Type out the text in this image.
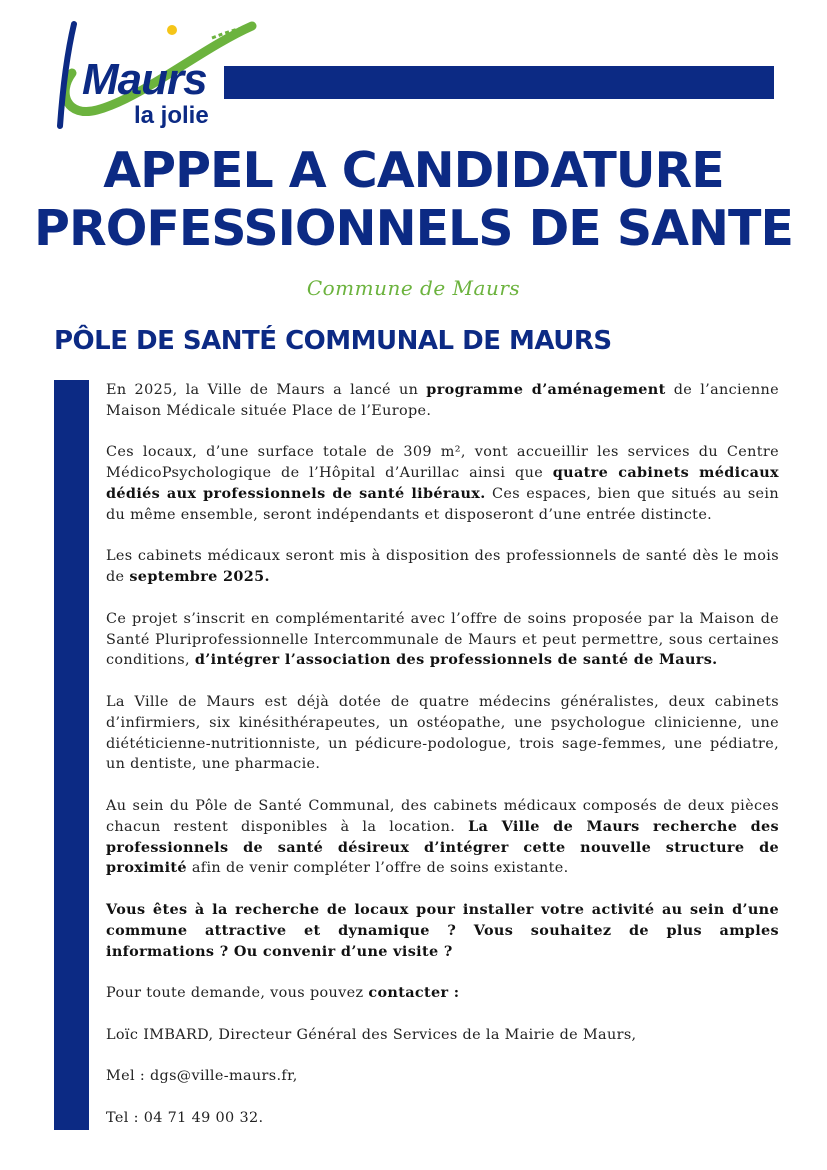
Maurs
la jolie
APPEL A CANDIDATURE
PROFESSIONNELS DE SANTE
Commune de Maurs
PÔLE DE SANTÉ COMMUNAL DE MAURS

En 2025, la Ville de Maurs a lancé un programme d’aménagement de l’ancienne Maison Médicale située Place de l’Europe.

Ces locaux, d’une surface totale de 309 m², vont accueillir les services du Centre MédicoPsychologique de l’Hôpital d’Aurillac ainsi que quatre cabinets médicaux dédiés aux professionnels de santé libéraux. Ces espaces, bien que situés au sein du même ensemble, seront indépendants et disposeront d’une entrée distincte.

Les cabinets médicaux seront mis à disposition des professionnels de santé dès le mois de septembre 2025.

Ce projet s’inscrit en complémentarité avec l’offre de soins proposée par la Maison de Santé Pluriprofessionnelle Intercommunale de Maurs et peut permettre, sous certaines conditions, d’intégrer l’association des professionnels de santé de Maurs.

La Ville de Maurs est déjà dotée de quatre médecins généralistes, deux cabinets d’infirmiers, six kinésithérapeutes, un ostéopathe, une psychologue clinicienne, une diététicienne-nutritionniste, un pédicure-podologue, trois sage-femmes, une pédiatre, un dentiste, une pharmacie.

Au sein du Pôle de Santé Communal, des cabinets médicaux composés de deux pièces chacun restent disponibles à la location. La Ville de Maurs recherche des professionnels de santé désireux d’intégrer cette nouvelle structure de proximité afin de venir compléter l’offre de soins existante.

Vous êtes à la recherche de locaux pour installer votre activité au sein d’une commune attractive et dynamique ? Vous souhaitez de plus amples informations ? Ou convenir d’une visite ?

Pour toute demande, vous pouvez contacter :

Loïc IMBARD, Directeur Général des Services de la Mairie de Maurs,

Mel : dgs@ville-maurs.fr,

Tel : 04 71 49 00 32.
